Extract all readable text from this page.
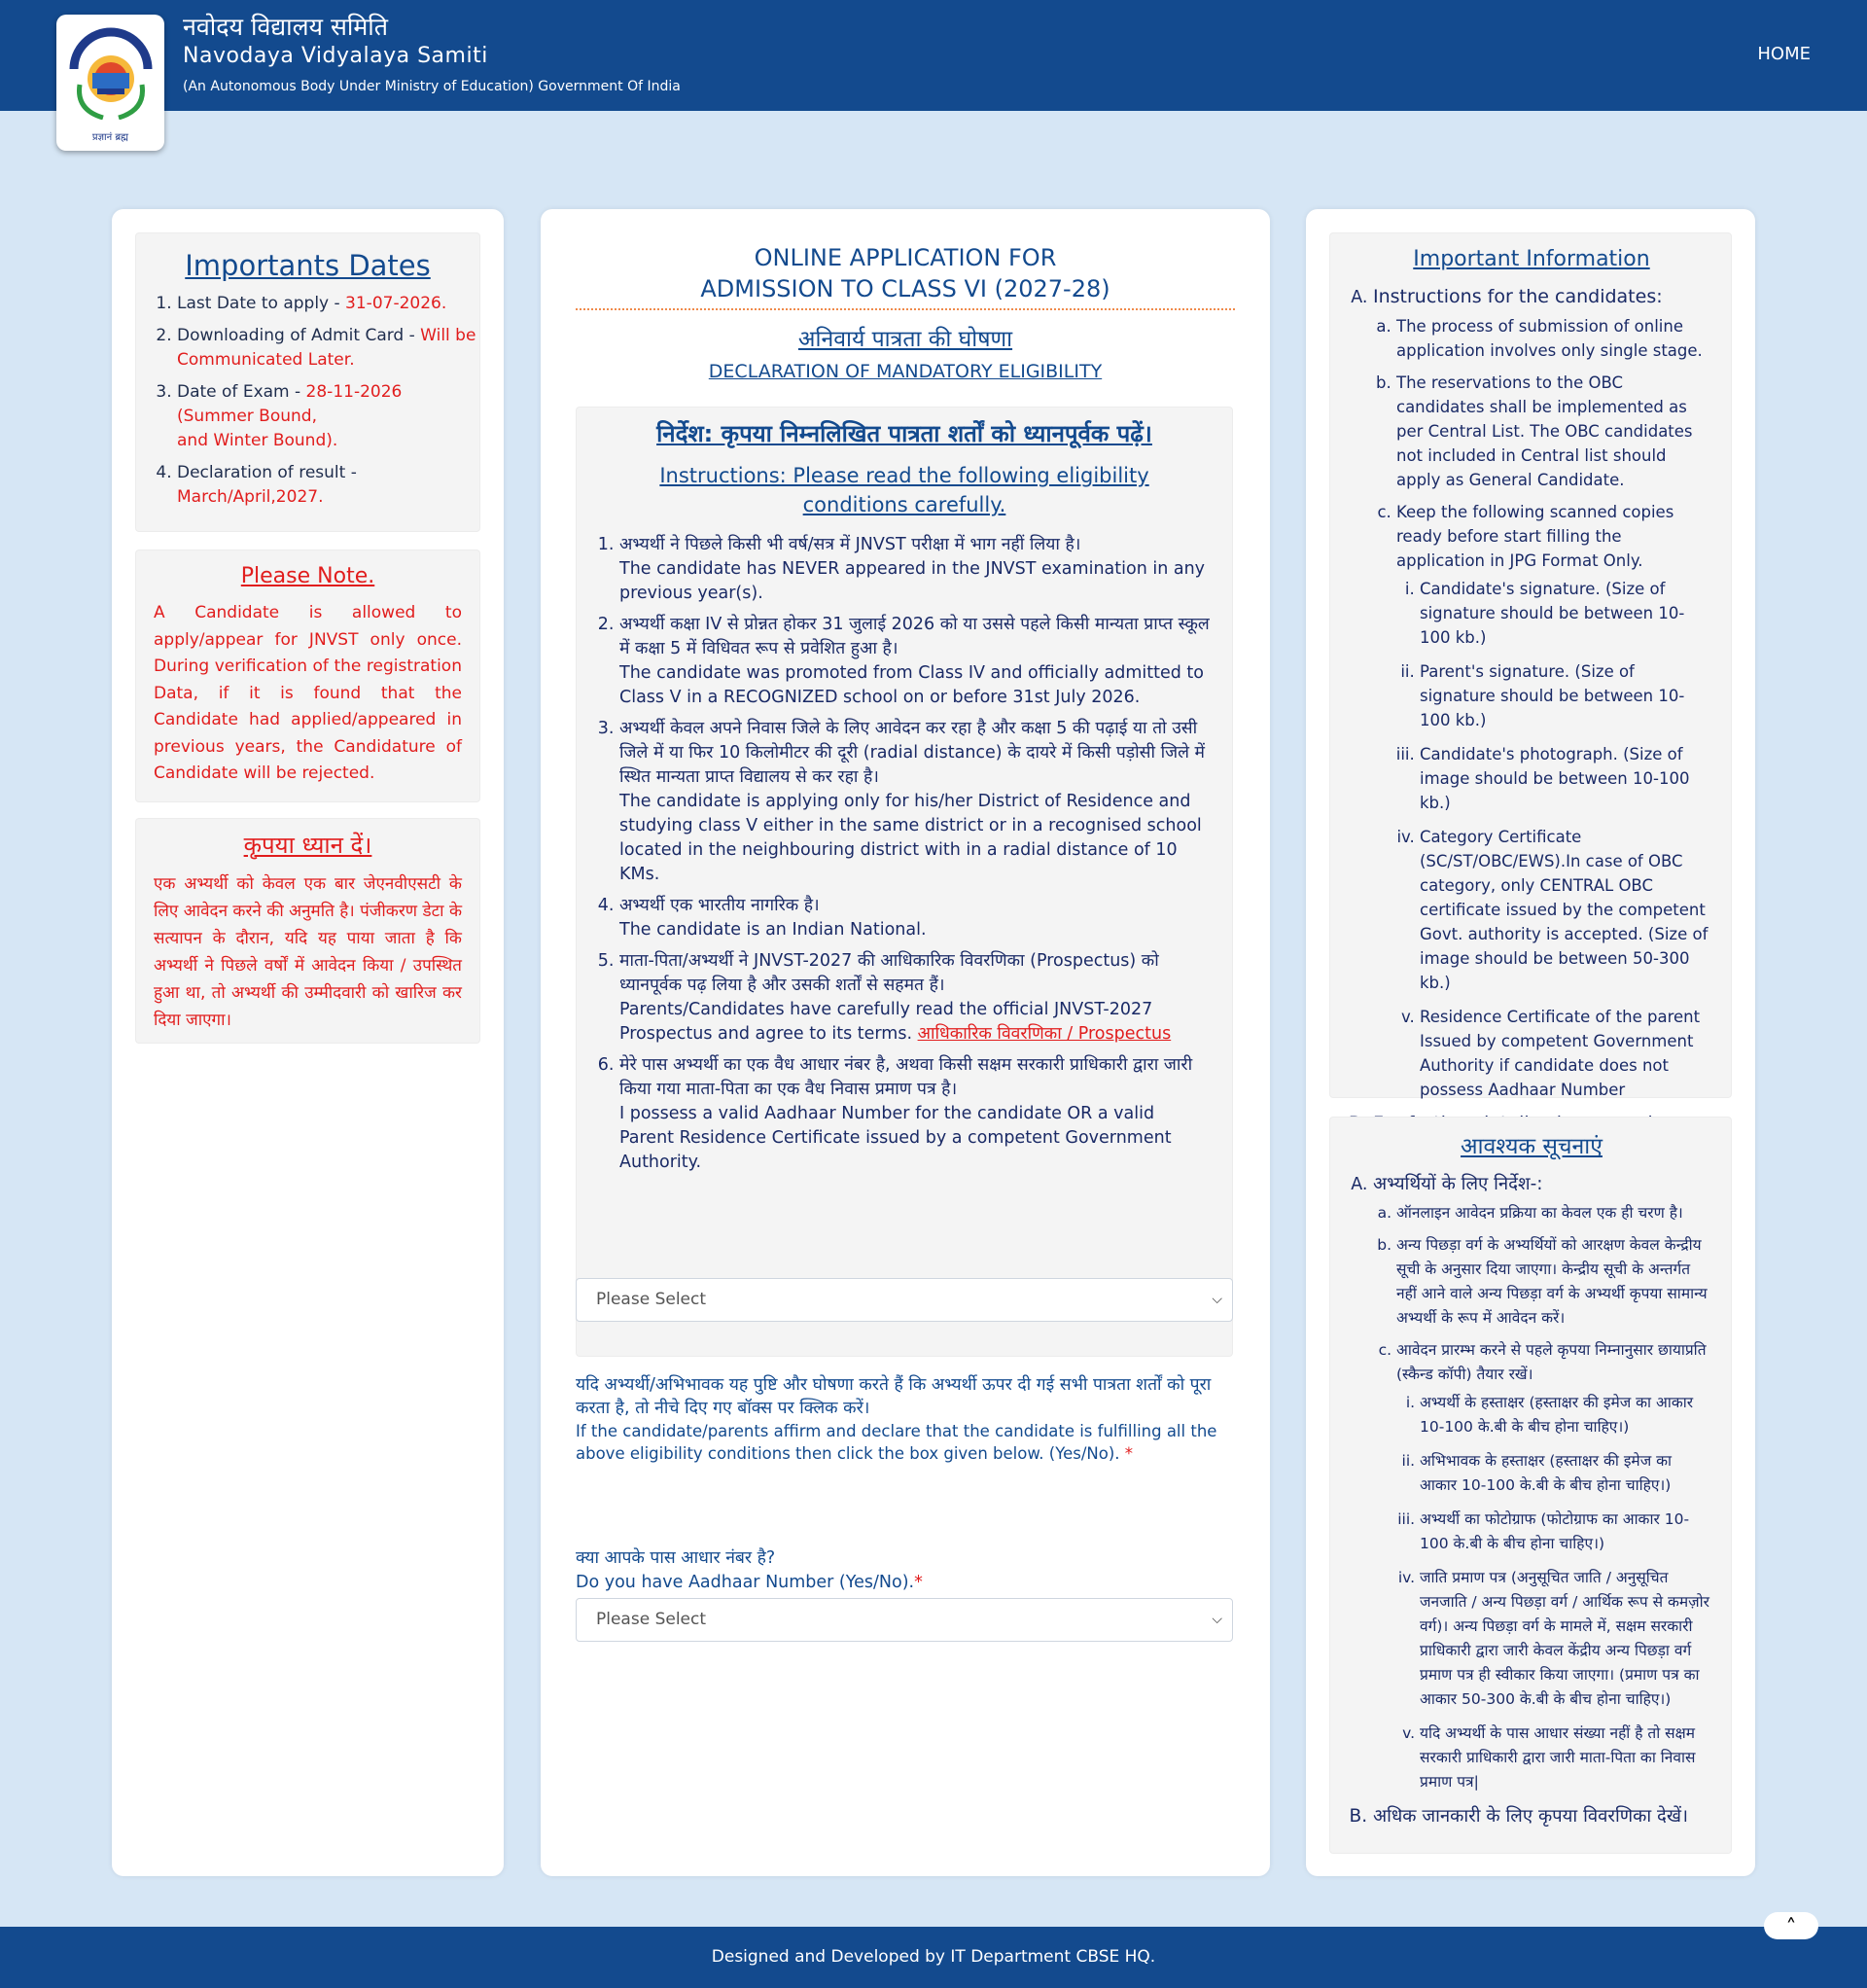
प्रज्ञानं ब्रह्म
नवोदय विद्यालय समिति
Navodaya Vidyalaya Samiti
(An Autonomous Body Under Ministry of Education) Government Of India
HOME
Importants Dates
1. Last Date to apply - 31-07-2026.
2. Downloading of Admit Card - Will be Communicated Later.
3. Date of Exam - 28-11-2026 (Summer Bound,
and Winter Bound).
4. Declaration of result - March/April,2027.
Please Note.

A Candidate is allowed to apply/appear for JNVST only once. During verification of the registration Data, if it is found that the Candidate had applied/appeared in previous years, the Candidature of Candidate will be rejected.

कृपया ध्यान दें।

एक अभ्यर्थी को केवल एक बार जेएनवीएसटी के लिए आवेदन करने की अनुमति है। पंजीकरण डेटा के सत्यापन के दौरान, यदि यह पाया जाता है कि अभ्यर्थी ने पिछले वर्षों में आवेदन किया / उपस्थित हुआ था, तो अभ्यर्थी की उम्मीदवारी को खारिज कर दिया जाएगा।

ONLINE APPLICATION FOR
ADMISSION TO CLASS VI (2027-28)
अनिवार्य पात्रता की घोषणा
DECLARATION OF MANDATORY ELIGIBILITY
निर्देश: कृपया निम्नलिखित पात्रता शर्तों को ध्यानपूर्वक पढ़ें।
Instructions: Please read the following eligibility conditions carefully.
1. अभ्यर्थी ने पिछले किसी भी वर्ष/सत्र में JNVST परीक्षा में भाग नहीं लिया है।
The candidate has NEVER appeared in the JNVST examination in any previous year(s).
2. अभ्यर्थी कक्षा IV से प्रोन्नत होकर 31 जुलाई 2026 को या उससे पहले किसी मान्यता प्राप्त स्कूल में कक्षा 5 में विधिवत रूप से प्रवेशित हुआ है।
The candidate was promoted from Class IV and officially admitted to Class V in a RECOGNIZED school on or before 31st July 2026.
3. अभ्यर्थी केवल अपने निवास जिले के लिए आवेदन कर रहा है और कक्षा 5 की पढ़ाई या तो उसी जिले में या फिर 10 किलोमीटर की दूरी (radial distance) के दायरे में किसी पड़ोसी जिले में स्थित मान्यता प्राप्त विद्यालय से कर रहा है।
The candidate is applying only for his/her District of Residence and studying class V either in the same district or in a recognised school located in the neighbouring district with in a radial distance of 10 KMs.
4. अभ्यर्थी एक भारतीय नागरिक है।
The candidate is an Indian National.
5. माता-पिता/अभ्यर्थी ने JNVST-2027 की आधिकारिक विवरणिका (Prospectus) को ध्यानपूर्वक पढ़ लिया है और उसकी शर्तों से सहमत हैं।
Parents/Candidates have carefully read the official JNVST-2027 Prospectus and agree to its terms. आधिकारिक विवरणिका / Prospectus
6. मेरे पास अभ्यर्थी का एक वैध आधार नंबर है, अथवा किसी सक्षम सरकारी प्राधिकारी द्वारा जारी किया गया माता-पिता का एक वैध निवास प्रमाण पत्र है।
I possess a valid Aadhaar Number for the candidate OR a valid Parent Residence Certificate issued by a competent Government Authority.
यदि अभ्यर्थी/अभिभावक यह पुष्टि और घोषणा करते हैं कि अभ्यर्थी ऊपर दी गई सभी पात्रता शर्तों को पूरा करता है, तो नीचे दिए गए बॉक्स पर क्लिक करें।
If the candidate/parents affirm and declare that the candidate is fulfilling all the above eligibility conditions then click the box given below. (Yes/No). *
Please Select	⌵
क्या आपके पास आधार नंबर है?
Do you have Aadhaar Number (Yes/No).*
Please Select	⌵
Important Information
A. Instructions for the candidates:
a. The process of submission of online application involves only single stage.
b. The reservations to the OBC candidates shall be implemented as per Central List. The OBC candidates not included in Central list should apply as General Candidate.
c. Keep the following scanned copies ready before start filling the application in JPG Format Only.
i. Candidate's signature. (Size of signature should be between 10-100 kb.)
ii. Parent's signature. (Size of signature should be between 10-100 kb.)
iii. Candidate's photograph. (Size of image should be between 10-100 kb.)
iv. Category Certificate (SC/ST/OBC/EWS).In case of OBC category, only CENTRAL OBC certificate issued by the competent Govt. authority is accepted. (Size of image should be between 50-300 kb.)
v. Residence Certificate of the parent Issued by competent Government Authority if candidate does not possess Aadhaar Number
B.
आवश्यक सूचनाएं
A. अभ्यर्थियों के लिए निर्देश-:
a. ऑनलाइन आवेदन प्रक्रिया का केवल एक ही चरण है।
b. अन्य पिछड़ा वर्ग के अभ्यर्थियों को आरक्षण केवल केन्द्रीय सूची के अनुसार दिया जाएगा। केन्द्रीय सूची के अन्तर्गत नहीं आने वाले अन्य पिछड़ा वर्ग के अभ्यर्थी कृपया सामान्य अभ्यर्थी के रूप में आवेदन करें।
c. आवेदन प्रारम्भ करने से पहले कृपया निम्नानुसार छायाप्रति (स्कैन्ड कॉपी) तैयार रखें।
i. अभ्यर्थी के हस्ताक्षर (हस्ताक्षर की इमेज का आकार 10-100 के.बी के बीच होना चाहिए।)
ii. अभिभावक के हस्ताक्षर (हस्ताक्षर की इमेज का आकार 10-100 के.बी के बीच होना चाहिए।)
iii. अभ्यर्थी का फोटोग्राफ (फोटोग्राफ का आकार 10-100 के.बी के बीच होना चाहिए।)
iv. जाति प्रमाण पत्र (अनुसूचित जाति / अनुसूचित जनजाति / अन्य पिछड़ा वर्ग / आर्थिक रूप से कमज़ोर वर्ग)। अन्य पिछड़ा वर्ग के मामले में, सक्षम सरकारी प्राधिकारी द्वारा जारी केवल केंद्रीय अन्य पिछड़ा वर्ग प्रमाण पत्र ही स्वीकार किया जाएगा। (प्रमाण पत्र का आकार 50-300 के.बी के बीच होना चाहिए।)
v. यदि अभ्यर्थी के पास आधार संख्या नहीं है तो सक्षम सरकारी प्राधिकारी द्वारा जारी माता-पिता का निवास प्रमाण पत्र|
B. अधिक जानकारी के लिए कृपया विवरणिका देखें।
Designed and Developed by IT Department CBSE HQ.
˄
